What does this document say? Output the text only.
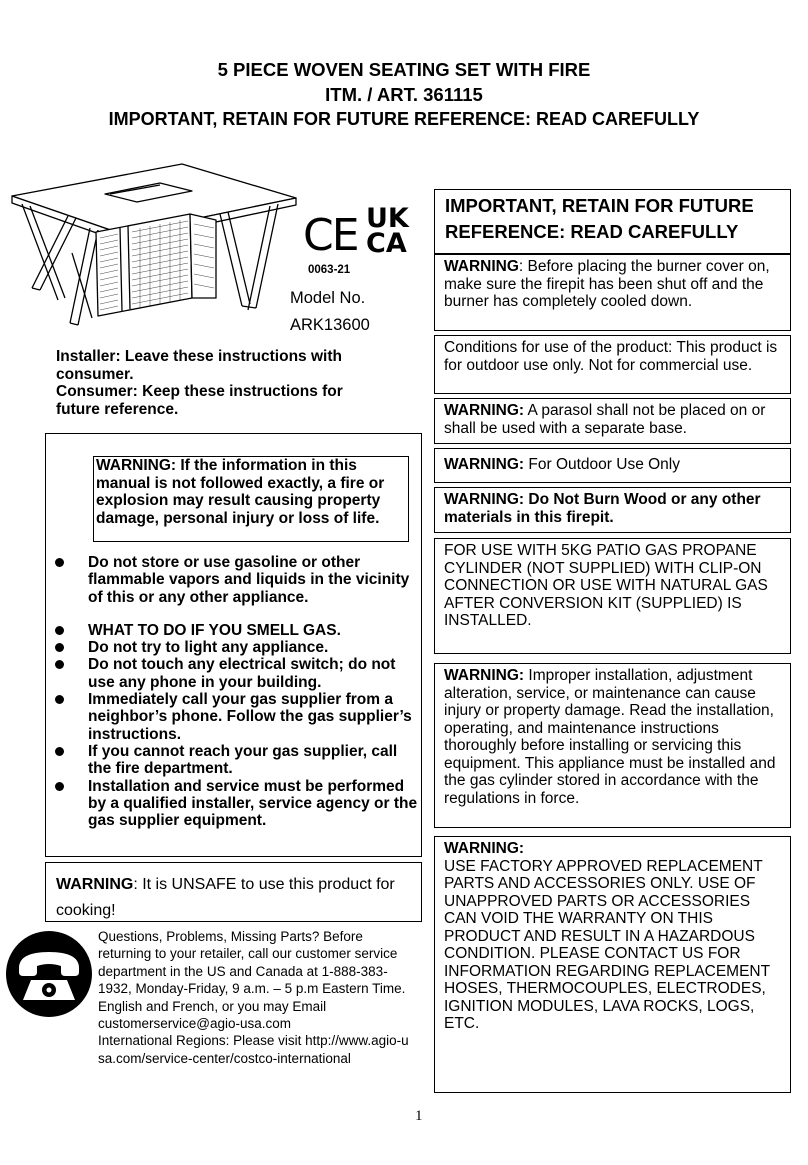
5 PIECE WOVEN SEATING SET WITH FIRE
ITM. / ART. 361115
IMPORTANT, RETAIN FOR FUTURE REFERENCE: READ CAREFULLY
CE UK
CA
0063-21
Model No.
ARK13600
Installer: Leave these instructions with consumer.
Consumer: Keep these instructions for future reference.
WARNING: If the information in this manual is not followed exactly, a fire or explosion may result causing property damage, personal injury or loss of life.
Do not store or use gasoline or other flammable vapors and liquids in the vicinity of this or any other appliance.
WHAT TO DO IF YOU SMELL GAS.
Do not try to light any appliance.
Do not touch any electrical switch; do not use any phone in your building.
Immediately call your gas supplier from a neighbor’s phone. Follow the gas supplier’s instructions.
If you cannot reach your gas supplier, call the fire department.
Installation and service must be performed by a qualified installer, service agency or the gas supplier equipment.
WARNING: It is UNSAFE to use this product for cooking!
Questions, Problems, Missing Parts? Before returning to your retailer, call our customer service department in the US and Canada at 1-888-383-1932, Monday-Friday, 9 a.m. – 5 p.m Eastern Time. English and French, or you may Email customerservice@agio-usa.com
International Regions: Please visit http://www.agio-usa.com/service-center/costco-international
IMPORTANT, RETAIN FOR FUTURE REFERENCE: READ CAREFULLY
WARNING: Before placing the burner cover on, make sure the firepit has been shut off and the burner has completely cooled down.
Conditions for use of the product: This product is for outdoor use only. Not for commercial use.
WARNING: A parasol shall not be placed on or shall be used with a separate base.
WARNING: For Outdoor Use Only
WARNING: Do Not Burn Wood or any other materials in this firepit.
FOR USE WITH 5KG PATIO GAS PROPANE CYLINDER (NOT SUPPLIED) WITH CLIP-ON CONNECTION OR USE WITH NATURAL GAS AFTER CONVERSION KIT (SUPPLIED) IS INSTALLED.
WARNING: Improper installation, adjustment alteration, service, or maintenance can cause injury or property damage. Read the installation, operating, and maintenance instructions thoroughly before installing or servicing this equipment. This appliance must be installed and the gas cylinder stored in accordance with the regulations in force.
WARNING:
USE FACTORY APPROVED REPLACEMENT PARTS AND ACCESSORIES ONLY. USE OF UNAPPROVED PARTS OR ACCESSORIES CAN VOID THE WARRANTY ON THIS PRODUCT AND RESULT IN A HAZARDOUS CONDITION. PLEASE CONTACT US FOR INFORMATION REGARDING REPLACEMENT HOSES, THERMOCOUPLES, ELECTRODES, IGNITION MODULES, LAVA ROCKS, LOGS, ETC.
1
